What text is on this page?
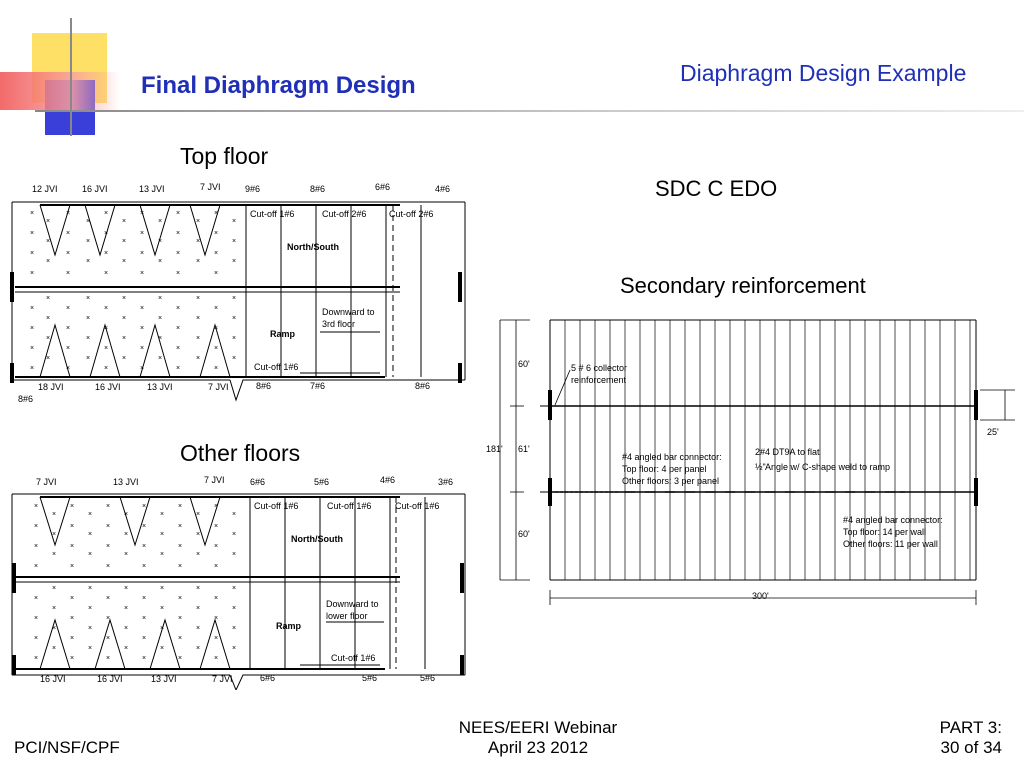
Final Diaphragm Design	Diaphragm Design Example
Top floor
Other floors
SDC C EDO
Secondary reinforcement
×
×
×
×
×
×
×
×
×
×
×
×
×
×
×
×
×
×
×
×
×
×
×
×
×
×
×
×
×
×
×
×
×
×
×
×
×
×
×
×
×
×
×
×
×
×
×
×
×
×
×
×
×
×
×
×
×
×
×
×
×
×
×
×
×
×
×
×
×
×
×
×
×
×
×
×
×
×
×
×
×
×
×
×
×
×
×
×
×
×
12 JVI	16 JVI	13 JVI	7 JVI	9#6	8#6	6#6	4#6
Cut-off 1#6	Cut-off 2#6	Cut-off 2#6
North/South
Downward to
3rd floor
Ramp
Cut-off 1#6
18 JVI	16 JVI	13 JVI	7 JVI	8#6	7#6	8#6
8#6
×
×
×
×
×
×
×
×
×
×
×
×
×
×
×
×
×
×
×
×
×
×
×
×
×
×
×
×
×
×
×
×
×
×
×
×
×
×
×
×
×
×
×
×
×
×
×
×
×
×
×
×
×
×
×
×
×
×
×
×
×
×
×
×
×
×
×
×
×
×
×
×
×
×
×
×
×
×
×
×
×
×
×
×
×
×
×
×
×
×
7 JVI	13 JVI	7 JVI	6#6	5#6	4#6	3#6
Cut-off 1#6	Cut-off 1#6	Cut-off 1#6
North/South
Downward to
lower floor
Ramp
Cut-off 1#6
16 JVI	16 JVI	13 JVI	7 JVI	6#6	5#6	5#6
60'
61'
60'
181'
25'
300'
5 # 6 collector
reinforcement
#4 angled bar connector:
Top floor: 4 per panel
Other floors: 3 per panel
2#4 DT9A to flat
½" Angle w/ C-shape weld to ramp
#4 angled bar connector:
Top floor: 14 per wall
Other floors: 11 per wall
PCI/NSF/CPF
NEES/EERI Webinar
April 23 2012
PART 3:
30 of 34
